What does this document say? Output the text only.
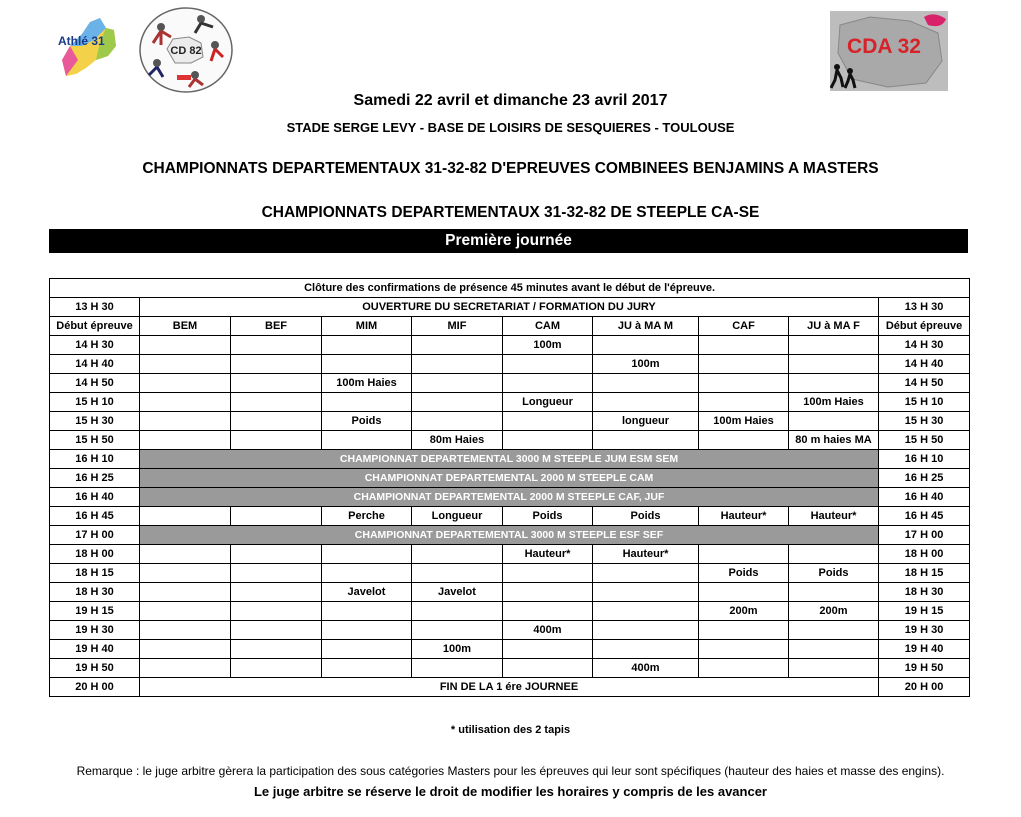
Athlé 31
CD 82	CDA 32
Samedi 22 avril et dimanche 23 avril 2017
STADE SERGE LEVY - BASE DE LOISIRS DE SESQUIERES - TOULOUSE
CHAMPIONNATS DEPARTEMENTAUX 31-32-82 D'EPREUVES COMBINEES BENJAMINS A MASTERS
CHAMPIONNATS DEPARTEMENTAUX 31-32-82 DE STEEPLE CA-SE
Première journée
Clôture des confirmations de présence 45 minutes avant le début de l'épreuve.									
13 H 30	OUVERTURE DU SECRETARIAT / FORMATION DU JURY								13 H 30
Début épreuve	BEM	BEF	MIM	MIF	CAM	JU à MA M	CAF	JU à MA F	Début épreuve
14 H 30					100m				14 H 30
14 H 40						100m			14 H 40
14 H 50			100m Haies						14 H 50
15 H 10					Longueur			100m Haies	15 H 10
15 H 30			Poids			longueur	100m Haies		15 H 30
15 H 50				80m Haies				80 m haies MA	15 H 50
16 H 10	CHAMPIONNAT DEPARTEMENTAL 3000 M STEEPLE JUM ESM SEM								16 H 10
16 H 25	CHAMPIONNAT DEPARTEMENTAL 2000 M STEEPLE CAM								16 H 25
16 H 40	CHAMPIONNAT DEPARTEMENTAL 2000 M STEEPLE CAF, JUF								16 H 40
16 H 45			Perche	Longueur	Poids	Poids	Hauteur*	Hauteur*	16 H 45
17 H 00	CHAMPIONNAT DEPARTEMENTAL 3000 M STEEPLE ESF SEF								17 H 00
18 H 00					Hauteur*	Hauteur*			18 H 00
18 H 15							Poids	Poids	18 H 15
18 H 30			Javelot	Javelot					18 H 30
19 H 15							200m	200m	19 H 15
19 H 30					400m				19 H 30
19 H 40				100m					19 H 40
19 H 50						400m			19 H 50
20 H 00	FIN DE LA 1 ére JOURNEE								20 H 00
* utilisation des 2 tapis
Remarque : le juge arbitre gèrera la participation des sous catégories Masters pour les épreuves qui leur sont spécifiques (hauteur des haies et masse des engins).
Le juge arbitre se réserve le droit de modifier les horaires y compris de les avancer
